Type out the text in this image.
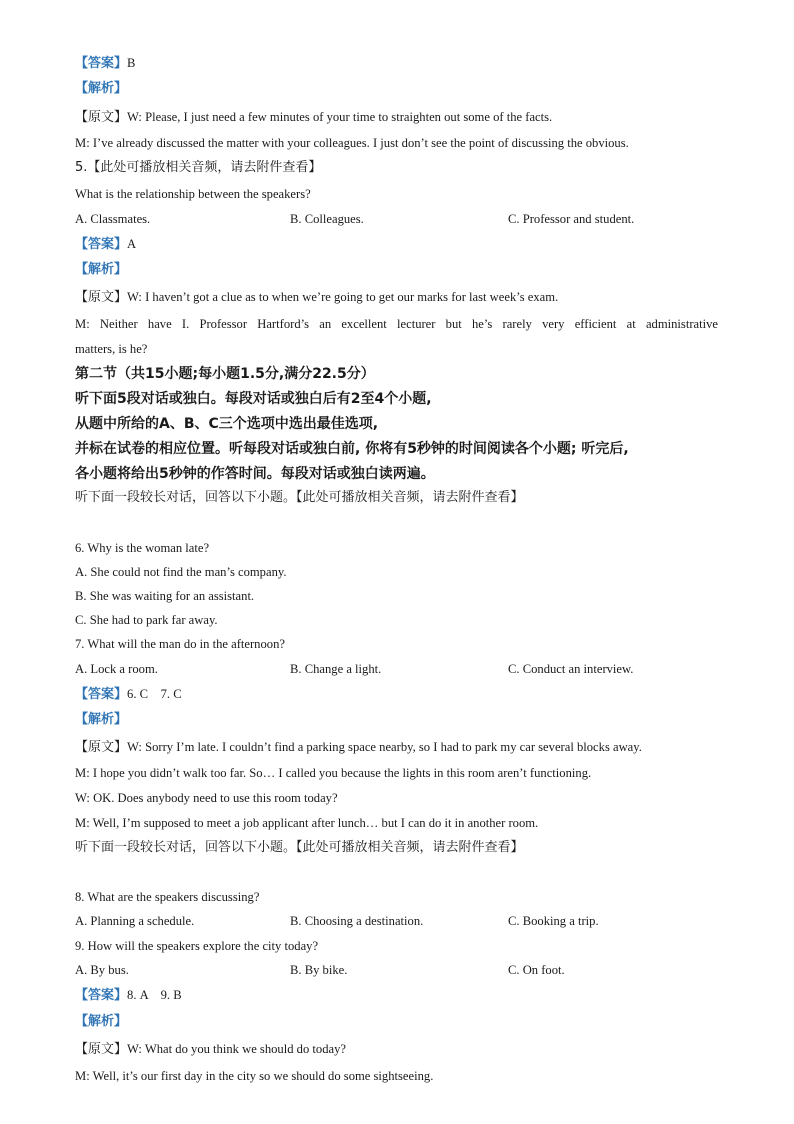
【答案】B
【解析】
【原文】W: Please, I just need a few minutes of your time to straighten out some of the facts.
M: I’ve already discussed the matter with your colleagues. I just don’t see the point of discussing the obvious.
5.【此处可播放相关音频，请去附件查看】
What is the relationship between the speakers?
A. Classmates.	B. Colleagues.	C. Professor and student.
【答案】A
【解析】
【原文】W: I haven’t got a clue as to when we’re going to get our marks for last week’s exam.
M: Neither have I. Professor Hartford’s an excellent lecturer but he’s rarely very efficient at administrative
matters, is he?
第二节（共15小题;每小题1.5分,满分22.5分）
听下面5段对话或独白。每段对话或独白后有2至4个小题,
从题中所给的A、B、C三个选项中选出最佳选项,
并标在试卷的相应位置。听每段对话或独白前, 你将有5秒钟的时间阅读各个小题; 听完后,
各小题将给出5秒钟的作答时间。每段对话或独白读两遍。
听下面一段较长对话，回答以下小题。【此处可播放相关音频，请去附件查看】
6. Why is the woman late?
A. She could not find the man’s company.
B. She was waiting for an assistant.
C. She had to park far away.
7. What will the man do in the afternoon?
A. Lock a room.	B. Change a light.	C. Conduct an interview.
【答案】6. C    7. C
【解析】
【原文】W: Sorry I’m late. I couldn’t find a parking space nearby, so I had to park my car several blocks away.
M: I hope you didn’t walk too far. So… I called you because the lights in this room aren’t functioning.
W: OK. Does anybody need to use this room today?
M: Well, I’m supposed to meet a job applicant after lunch… but I can do it in another room.
听下面一段较长对话，回答以下小题。【此处可播放相关音频，请去附件查看】
8. What are the speakers discussing?
A. Planning a schedule.	B. Choosing a destination.	C. Booking a trip.
9. How will the speakers explore the city today?
A. By bus.	B. By bike.	C. On foot.
【答案】8. A    9. B
【解析】
【原文】W: What do you think we should do today?
M: Well, it’s our first day in the city so we should do some sightseeing.
